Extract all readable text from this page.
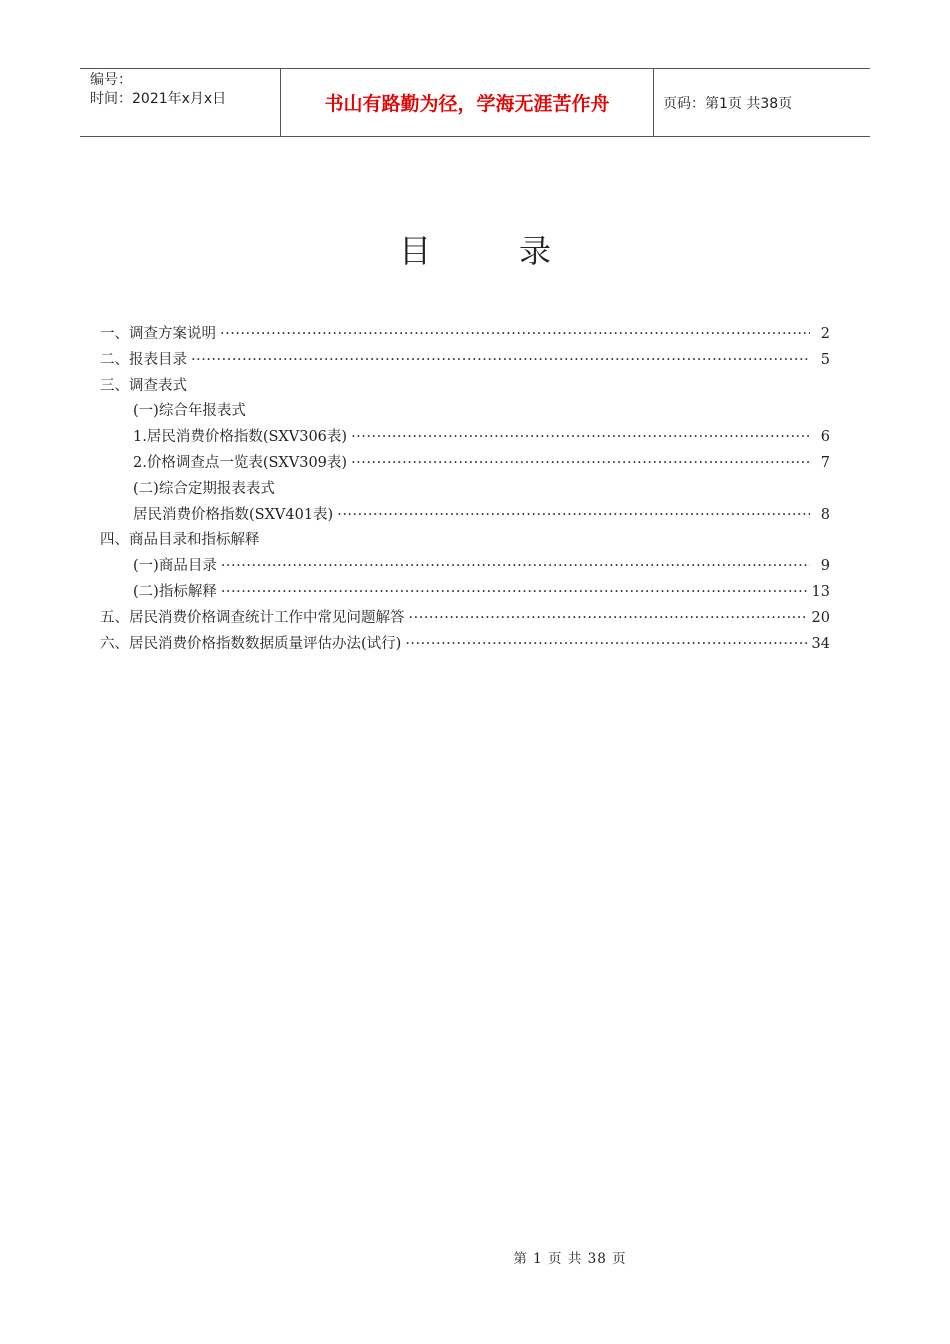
编号：
时间：2021年x月x日	书山有路勤为径，学海无涯苦作舟	页码：第1页 共38页
目录
一、调查方案说明 ·····	2
二、报表目录 ·····	5
三、调查表式
(一)综合年报表式
1.居民消费价格指数(SXV306表) ·····	6
2.价格调查点一览表(SXV309表) ·····	7
(二)综合定期报表表式
居民消费价格指数(SXV401表) ·····	8
四、商品目录和指标解释
(一)商品目录 ·····	9
(二)指标解释 ·····	13
五、居民消费价格调查统计工作中常见问题解答 ·····	20
六、居民消费价格指数数据质量评估办法(试行) ·····	34
第 1 页 共 38 页
